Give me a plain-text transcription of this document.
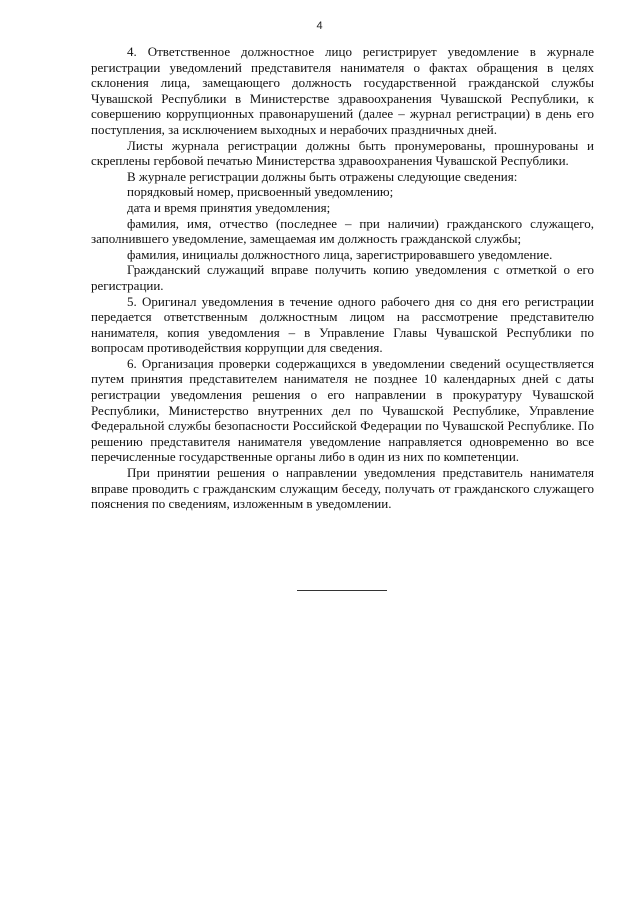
4

4. Ответственное должностное лицо регистрирует уведомление в журнале регистрации уведомлений представителя нанимателя о фактах обращения в целях склонения лица, замещающего должность государственной гражданской службы Чувашской Республики в Министерстве здравоохранения Чувашской Республики, к совершению коррупционных правонарушений (далее – журнал регистрации) в день его поступления, за исключением выходных и нерабочих праздничных дней.

Листы журнала регистрации должны быть пронумерованы, прошнурованы и скреплены гербовой печатью Министерства здравоохранения Чувашской Республики.

В журнале регистрации должны быть отражены следующие сведения:

порядковый номер, присвоенный уведомлению;

дата и время принятия уведомления;

фамилия, имя, отчество (последнее – при наличии) гражданского служащего, заполнившего уведомление, замещаемая им должность гражданской службы;

фамилия, инициалы должностного лица, зарегистрировавшего уведомление.

Гражданский служащий вправе получить копию уведомления с отметкой о его регистрации.

5. Оригинал уведомления в течение одного рабочего дня со дня его регистрации передается ответственным должностным лицом на рассмотрение представителю нанимателя, копия уведомления – в Управление Главы Чувашской Республики по вопросам противодействия коррупции для сведения.

6. Организация проверки содержащихся в уведомлении сведений осуществляется путем принятия представителем нанимателя не позднее 10 календарных дней с даты регистрации уведомления решения о его направлении в прокуратуру Чувашской Республики, Министерство внутренних дел по Чувашской Республике, Управление Федеральной службы безопасности Российской Федерации по Чувашской Республике. По решению представителя нанимателя уведомление направляется одновременно во все перечисленные государственные органы либо в один из них по компетенции.

При принятии решения о направлении уведомления представитель нанимателя вправе проводить с гражданским служащим беседу, получать от гражданского служащего пояснения по сведениям, изложенным в уведомлении.
